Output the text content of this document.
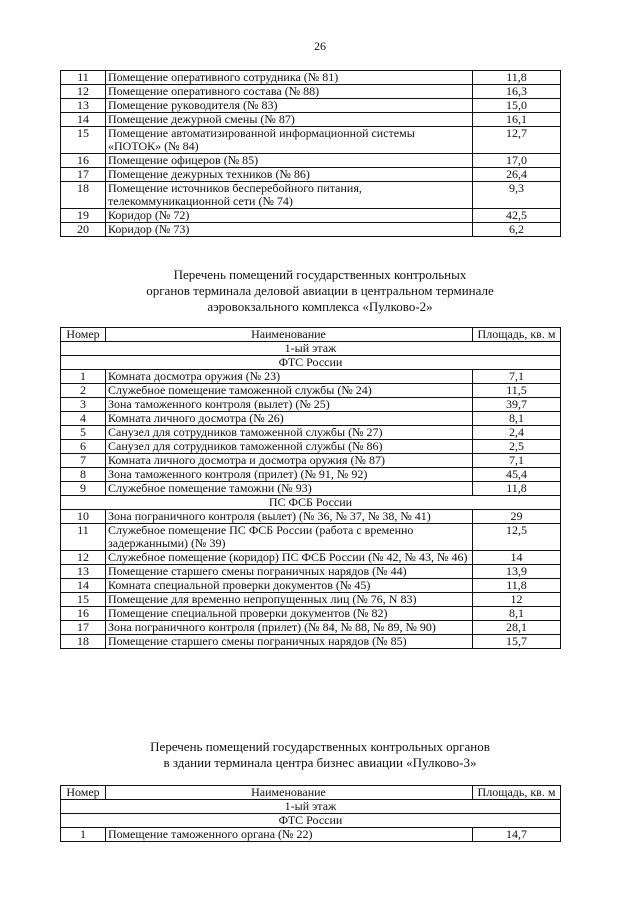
26
11	Помещение оперативного сотрудника (№ 81)	11,8
12	Помещение оперативного состава (№ 88)	16,3
13	Помещение руководителя (№ 83)	15,0
14	Помещение дежурной смены (№ 87)	16,1
15	Помещение автоматизированной информационной системы «ПОТОК» (№ 84)	12,7
16	Помещение офицеров (№ 85)	17,0
17	Помещение дежурных техников (№ 86)	26,4
18	Помещение источников бесперебойного питания, телекоммуникационной сети (№ 74)	9,3
19	Коридор (№ 72)	42,5
20	Коридор (№ 73)	6,2
Перечень помещений государственных контрольных
органов терминала деловой авиации в центральном терминале
аэровокзального комплекса «Пулково-2»
Номер	Наименование	Площадь, кв. м
1-ый этаж		
ФТС России		
1	Комната досмотра оружия (№ 23)	7,1
2	Служебное помещение таможенной службы (№ 24)	11,5
3	Зона таможенного контроля (вылет) (№ 25)	39,7
4	Комната личного досмотра (№ 26)	8,1
5	Санузел для сотрудников таможенной службы (№ 27)	2,4
6	Санузел для сотрудников таможенной службы (№ 86)	2,5
7	Комната личного досмотра и досмотра оружия (№ 87)	7,1
8	Зона таможенного контроля (прилет) (№ 91, № 92)	45,4
9	Служебное помещение таможни (№ 93)	11,8
ПС ФСБ России		
10	Зона пограничного контроля (вылет) (№ 36, № 37, № 38, № 41)	29
11	Служебное помещение ПС ФСБ России (работа с временно задержанными) (№ 39)	12,5
12	Служебное помещение (коридор) ПС ФСБ России (№ 42, № 43, № 46)	14
13	Помещение старшего смены пограничных нарядов (№ 44)	13,9
14	Комната специальной проверки документов (№ 45)	11,8
15	Помещение для временно непропущенных лиц (№ 76, N 83)	12
16	Помещение специальной проверки документов (№ 82)	8,1
17	Зона пограничного контроля (прилет) (№ 84, № 88, № 89, № 90)	28,1
18	Помещение старшего смены пограничных нарядов (№ 85)	15,7
Перечень помещений государственных контрольных органов
в здании терминала центра бизнес авиации «Пулково-3»
Номер	Наименование	Площадь, кв. м
1-ый этаж		
ФТС России		
1	Помещение таможенного органа (№ 22)	14,7
